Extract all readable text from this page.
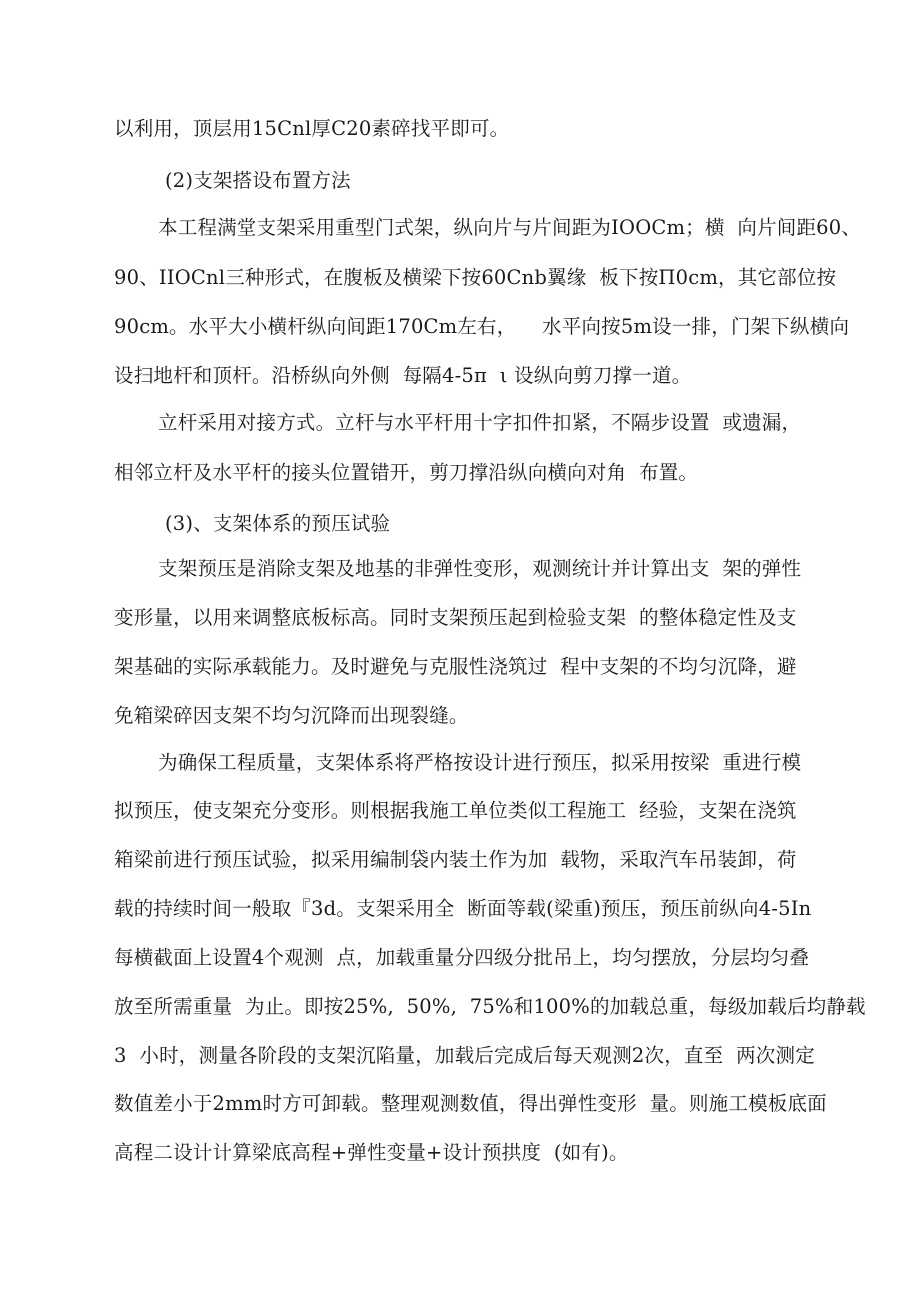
以利用，顶层用15Cnl厚C20素碎找平即可。
(2)支架搭设布置方法
本工程满堂支架采用重型门式架，纵向片与片间距为IOOCm；横  向片间距60、
90、IIOCnl三种形式，在腹板及横梁下按60Cnb翼缘  板下按Π0cm，其它部位按
90cm。水平大小横杆纵向间距170Cm左右，    水平向按5m设一排，门架下纵横向
设扫地杆和顶杆。沿桥纵向外侧  每隔4-5π  ι 设纵向剪刀撑一道。
立杆采用对接方式。立杆与水平杆用十字扣件扣紧，不隔步设置  或遗漏，
相邻立杆及水平杆的接头位置错开，剪刀撑沿纵向横向对角  布置。
(3)、支架体系的预压试验
支架预压是消除支架及地基的非弹性变形，观测统计并计算出支  架的弹性
变形量，以用来调整底板标高。同时支架预压起到检验支架  的整体稳定性及支
架基础的实际承载能力。及时避免与克服性浇筑过  程中支架的不均匀沉降，避
免箱梁碎因支架不均匀沉降而出现裂缝。
为确保工程质量，支架体系将严格按设计进行预压，拟采用按梁  重进行模
拟预压，使支架充分变形。则根据我施工单位类似工程施工  经验，支架在浇筑
箱梁前进行预压试验，拟采用编制袋内装土作为加  载物，采取汽车吊装卸，荷
载的持续时间一般取『3d。支架采用全  断面等载(梁重)预压，预压前纵向4-5In
每横截面上设置4个观测  点，加载重量分四级分批吊上，均匀摆放，分层均匀叠
放至所需重量  为止。即按25%,  50%,  75%和100%的加载总重，每级加载后均静载
3  小时，测量各阶段的支架沉陷量，加载后完成后每天观测2次，直至  两次测定
数值差小于2mm时方可卸载。整理观测数值，得出弹性变形  量。则施工模板底面
高程二设计计算梁底高程+弹性变量+设计预拱度  (如有)。
